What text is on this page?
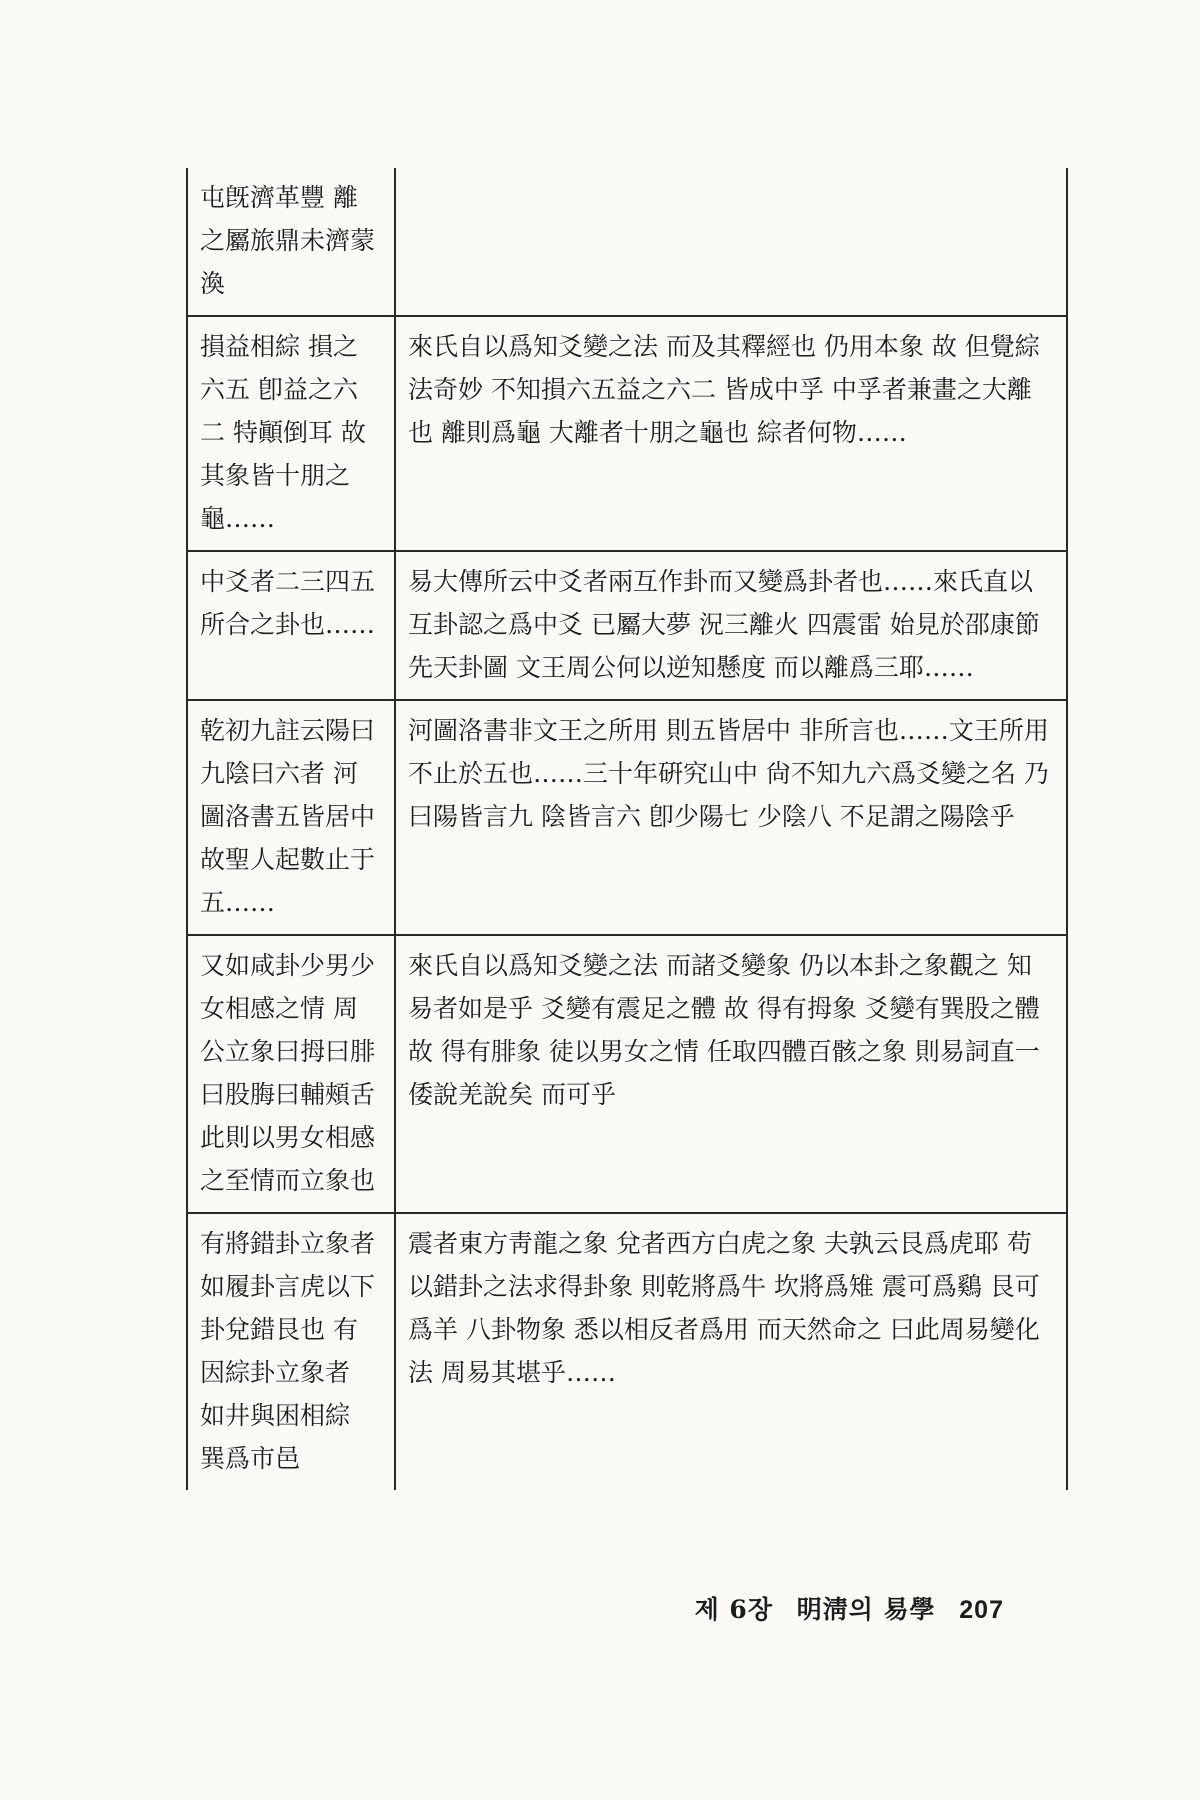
屯旣濟革豐 離之屬旅鼎未濟蒙渙	
損益相綜 損之六五 卽益之六二 特顚倒耳 故 其象皆十朋之龜……	來氏自以爲知爻變之法 而及其釋經也 仍用本象 故 但覺綜法奇妙 不知損六五益之六二 皆成中孚 中孚者兼畫之大離也 離則爲龜 大離者十朋之龜也 綜者何物……
中爻者二三四五所合之卦也……	易大傳所云中爻者兩互作卦而又變爲卦者也……來氏直以互卦認之爲中爻 已屬大夢 況三離火 四震雷 始見於邵康節先天卦圖 文王周公何以逆知懸度 而以離爲三耶……
乾初九註云陽曰九陰曰六者 河圖洛書五皆居中 故聖人起數止于五……	河圖洛書非文王之所用 則五皆居中 非所言也……文王所用 不止於五也……三十年硏究山中 尙不知九六爲爻變之名 乃曰陽皆言九 陰皆言六 卽少陽七 少陰八 不足謂之陽陰乎
又如咸卦少男少女相感之情 周公立象曰拇曰腓曰股脢曰輔頰舌 此則以男女相感之至情而立象也	來氏自以爲知爻變之法 而諸爻變象 仍以本卦之象觀之 知易者如是乎 爻變有震足之體 故 得有拇象 爻變有巽股之體 故 得有腓象 徒以男女之情 任取四體百骸之象 則易詞直一倭說羌說矣 而可乎
有將錯卦立象者 如履卦言虎以下卦兌錯艮也 有因綜卦立象者 如井與困相綜 巽爲市邑	震者東方靑龍之象 兌者西方白虎之象 夫孰云艮爲虎耶 苟以錯卦之法求得卦象 則乾將爲牛 坎將爲雉 震可爲鷄 艮可爲羊 八卦物象 悉以相反者爲用 而天然命之 曰此周易變化法 周易其堪乎……
제 6장 明淸의 易學 207
